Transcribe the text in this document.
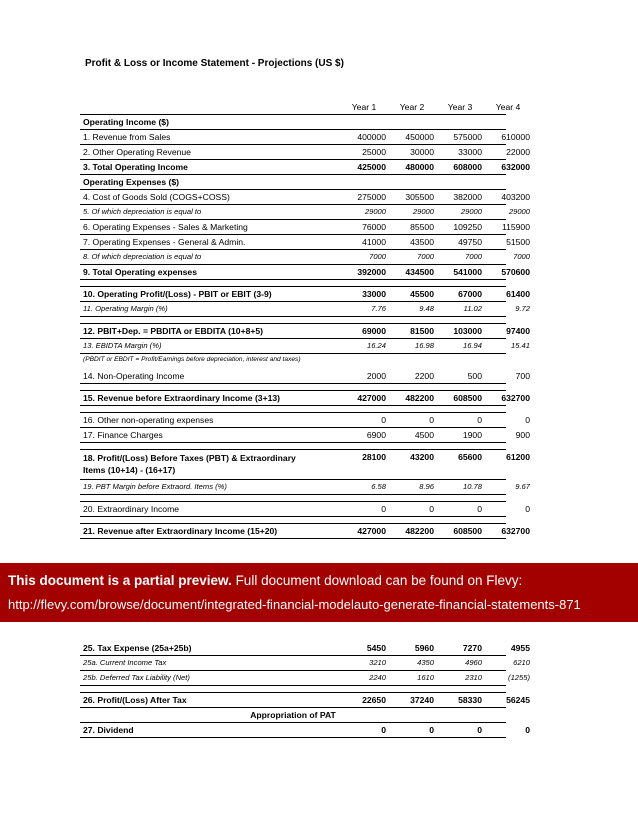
Profit & Loss or Income Statement - Projections (US $)
Year 1	Year 2	Year 3	Year 4
Operating Income ($)
1. Revenue from Sales	400000	450000	575000	610000
2. Other Operating Revenue	25000	30000	33000	22000
3. Total Operating Income	425000	480000	608000	632000
Operating Expenses ($)
4. Cost of Goods Sold (COGS+COSS)	275000	305500	382000	403200
5. Of which depreciation is equal to	29000	29000	29000	29000
6. Operating Expenses - Sales & Marketing	76000	85500	109250	115900
7. Operating Expenses - General & Admin.	41000	43500	49750	51500
8. Of which depreciation is equal to	7000	7000	7000	7000
9. Total Operating expenses	392000	434500	541000	570600
10. Operating Profit/(Loss) - PBIT or EBIT (3-9)	33000	45500	67000	61400
11. Operating Margin (%)	7.76	9.48	11.02	9.72
12. PBIT+Dep. = PBDITA or EBDITA (10+8+5)	69000	81500	103000	97400
13. EBIDTA Margin (%)	16.24	16.98	16.94	15.41
(PBDIT or EBDIT = Profit/Earnings before depreciation, interest and taxes)
14. Non-Operating Income	2000	2200	500	700
15. Revenue before Extraordinary Income (3+13)	427000	482200	608500	632700
16. Other non-operating expenses	0	0	0	0
17. Finance Charges	6900	4500	1900	900
18. Profit/(Loss) Before Taxes (PBT) & Extraordinary Items (10+14) - (16+17)
28100	43200	65600	61200
19. PBT Margin before Extraord. Items (%)	6.58	8.96	10.78	9.67
20. Extraordinary Income	0	0	0	0
21. Revenue after Extraordinary Income (15+20)	427000	482200	608500	632700
25. Tax Expense (25a+25b)	5450	5960	7270	4955
25a. Current Income Tax	3210	4350	4960	6210
25b. Deferred Tax Liability (Net)	2240	1610	2310	(1255)
26. Profit/(Loss) After Tax	22650	37240	58330	56245
Appropriation of PAT
27. Dividend	0	0	0	0
This document is a partial preview. Full document download can be found on Flevy:
http://flevy.com/browse/document/integrated-financial-modelauto-generate-financial-statements-871
